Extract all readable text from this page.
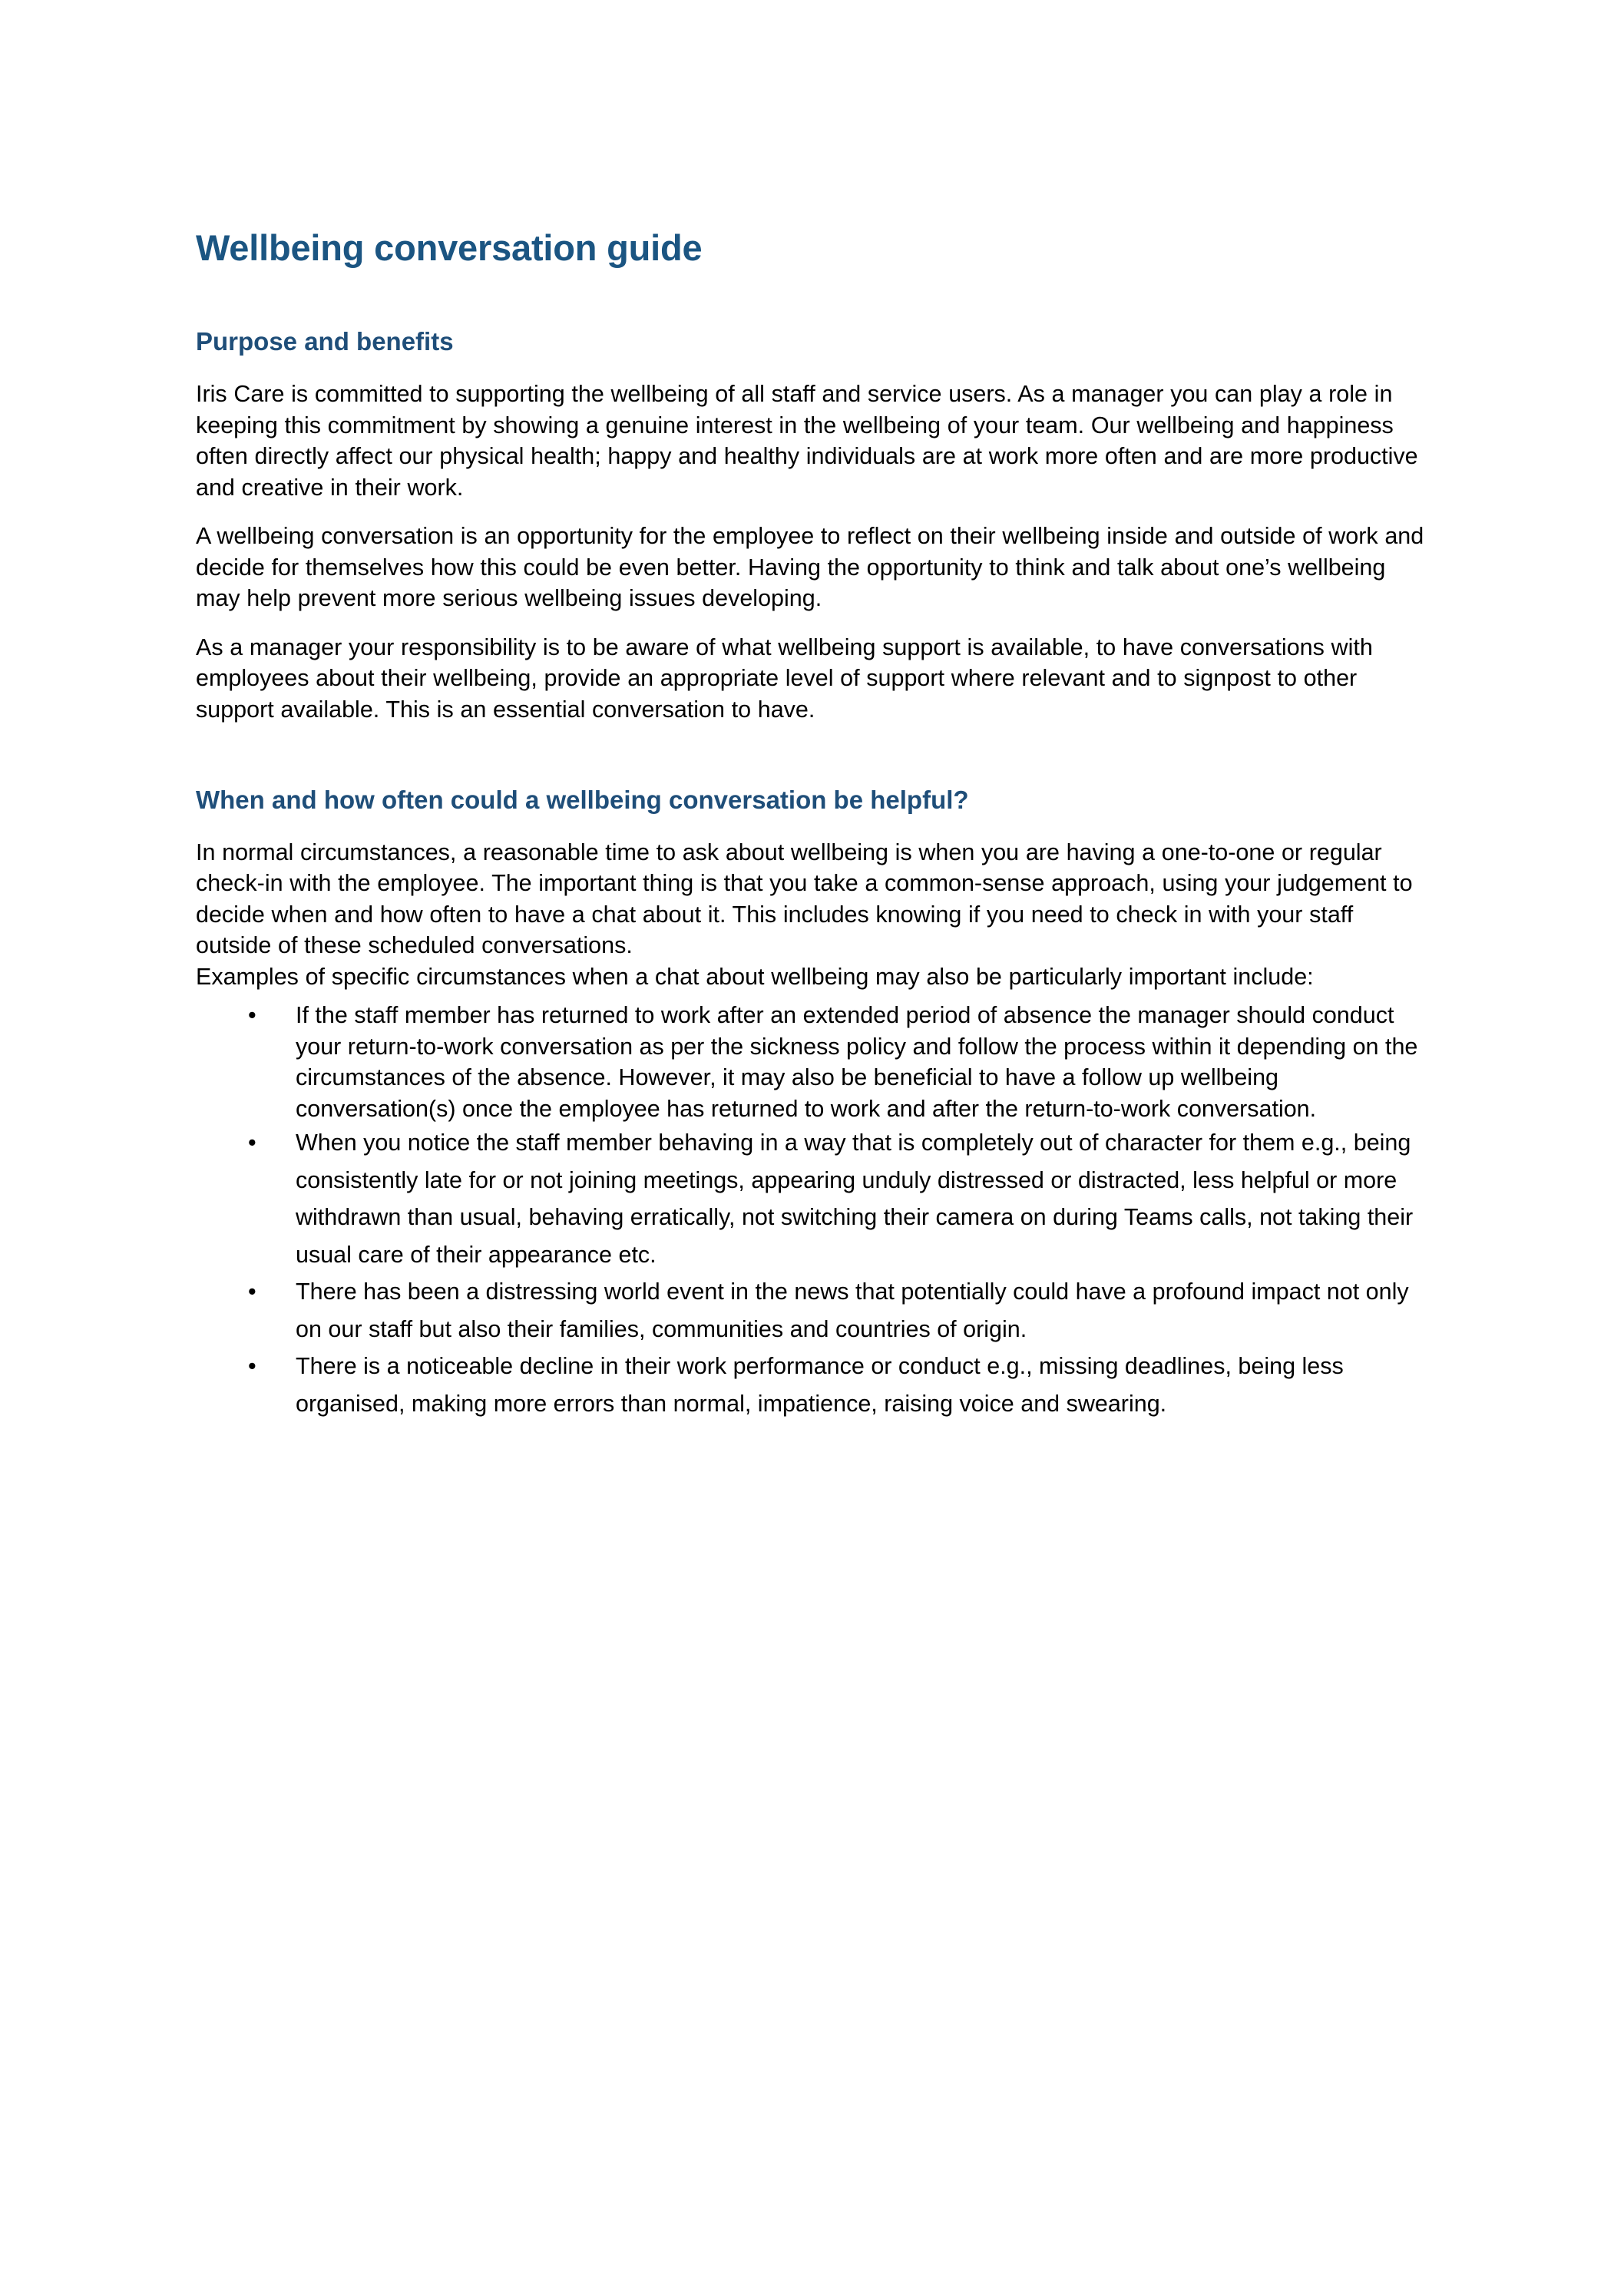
Wellbeing conversation guide
Purpose and benefits

Iris Care is committed to supporting the wellbeing of all staff and service users. As a manager you can play a role in keeping this commitment by showing a genuine interest in the wellbeing of your team. Our wellbeing and happiness often directly affect our physical health; happy and healthy individuals are at work more often and are more productive and creative in their work.

A wellbeing conversation is an opportunity for the employee to reflect on their wellbeing inside and outside of work and decide for themselves how this could be even better. Having the opportunity to think and talk about one’s wellbeing may help prevent more serious wellbeing issues developing.

As a manager your responsibility is to be aware of what wellbeing support is available, to have conversations with employees about their wellbeing, provide an appropriate level of support where relevant and to signpost to other support available. This is an essential conversation to have.

When and how often could a wellbeing conversation be helpful?

In normal circumstances, a reasonable time to ask about wellbeing is when you are having a one-to-one or regular check-in with the employee. The important thing is that you take a common-sense approach, using your judgement to decide when and how often to have a chat about it. This includes knowing if you need to check in with your staff outside of these scheduled conversations.

Examples of specific circumstances when a chat about wellbeing may also be particularly important include:

• If the staff member has returned to work after an extended period of absence the manager should conduct your return-to-work conversation as per the sickness policy and follow the process within it depending on the circumstances of the absence. However, it may also be beneficial to have a follow up wellbeing conversation(s) once the employee has returned to work and after the return-to-work conversation.
• When you notice the staff member behaving in a way that is completely out of character for them e.g., being consistently late for or not joining meetings, appearing unduly distressed or distracted, less helpful or more withdrawn than usual, behaving erratically, not switching their camera on during Teams calls, not taking their usual care of their appearance etc.
• There has been a distressing world event in the news that potentially could have a profound impact not only on our staff but also their families, communities and countries of origin.
• There is a noticeable decline in their work performance or conduct e.g., missing deadlines, being less organised, making more errors than normal, impatience, raising voice and swearing.
